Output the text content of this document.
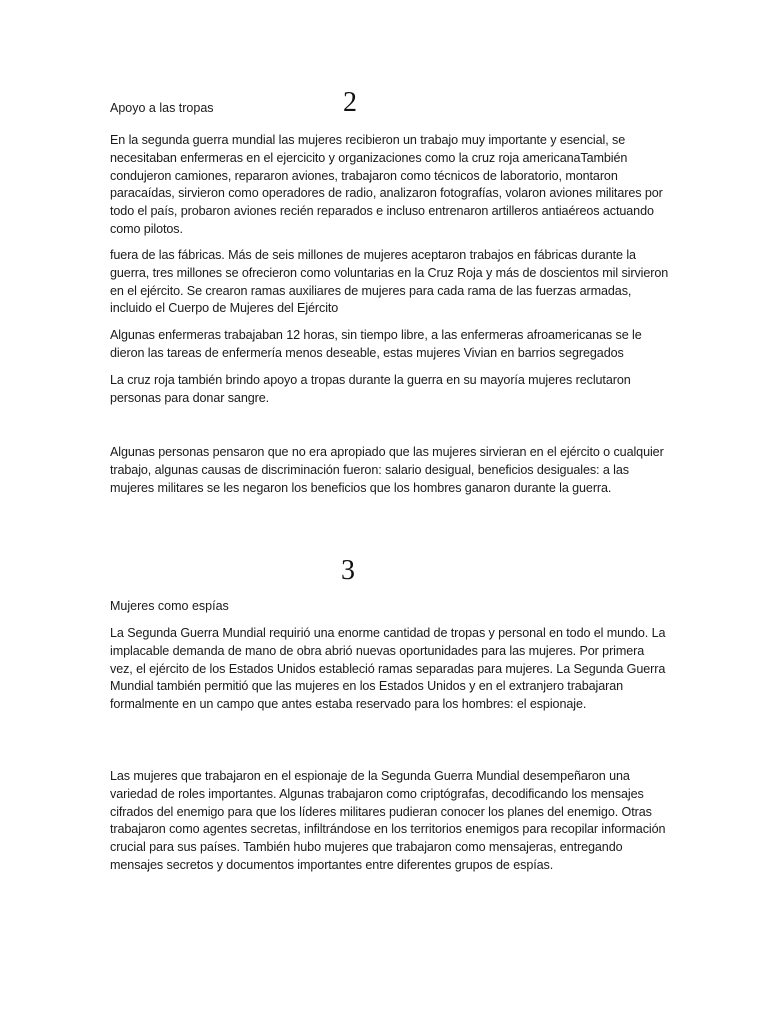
Apoyo a las tropas	2

En la segunda guerra mundial las mujeres recibieron un trabajo muy importante y esencial, se necesitaban enfermeras en el ejercicito y organizaciones como la cruz roja americanaTambién condujeron camiones, repararon aviones, trabajaron como técnicos de laboratorio, montaron paracaídas, sirvieron como operadores de radio, analizaron fotografías, volaron aviones militares por todo el país, probaron aviones recién reparados e incluso entrenaron artilleros antiaéreos actuando como pilotos.

fuera de las fábricas. Más de seis millones de mujeres aceptaron trabajos en fábricas durante la guerra, tres millones se ofrecieron como voluntarias en la Cruz Roja y más de doscientos mil sirvieron en el ejército. Se crearon ramas auxiliares de mujeres para cada rama de las fuerzas armadas, incluido el Cuerpo de Mujeres del Ejército

Algunas enfermeras trabajaban 12 horas, sin tiempo libre, a las enfermeras afroamericanas se le dieron las tareas de enfermería menos deseable, estas mujeres Vivian en barrios segregados

La cruz roja también brindo apoyo a tropas durante la guerra en su mayoría mujeres reclutaron personas para donar sangre.

Algunas personas pensaron que no era apropiado que las mujeres sirvieran en el ejército o cualquier trabajo, algunas causas de discriminación fueron: salario desigual, beneficios desiguales: a las mujeres militares se les negaron los beneficios que los hombres ganaron durante la guerra.

3

Mujeres como espías

La Segunda Guerra Mundial requirió una enorme cantidad de tropas y personal en todo el mundo. La implacable demanda de mano de obra abrió nuevas oportunidades para las mujeres. Por primera vez, el ejército de los Estados Unidos estableció ramas separadas para mujeres. La Segunda Guerra Mundial también permitió que las mujeres en los Estados Unidos y en el extranjero trabajaran formalmente en un campo que antes estaba reservado para los hombres: el espionaje.

Las mujeres que trabajaron en el espionaje de la Segunda Guerra Mundial desempeñaron una variedad de roles importantes. Algunas trabajaron como criptógrafas, decodificando los mensajes cifrados del enemigo para que los líderes militares pudieran conocer los planes del enemigo. Otras trabajaron como agentes secretas, infiltrándose en los territorios enemigos para recopilar información crucial para sus países. También hubo mujeres que trabajaron como mensajeras, entregando mensajes secretos y documentos importantes entre diferentes grupos de espías.
